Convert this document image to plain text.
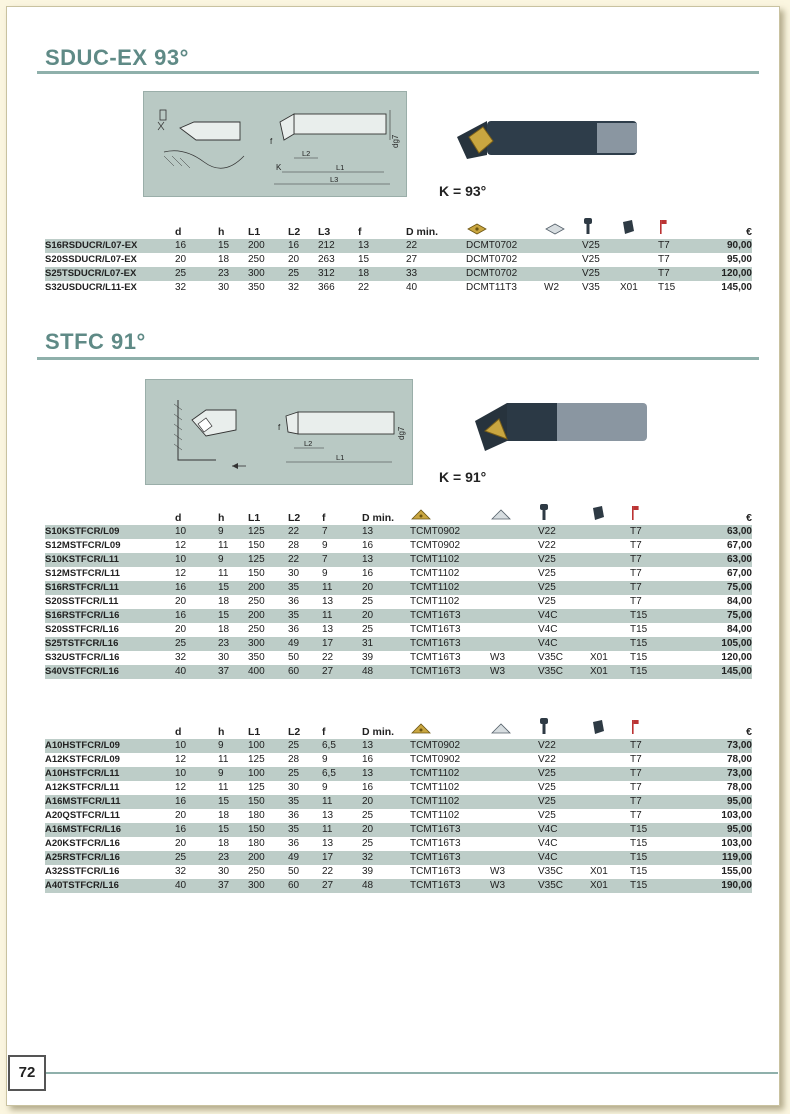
SDUC-EX 93°
dg7
f
K
L2
L1
L3
K = 93°
	d	h	L1	L2	L3	f	D min.						€
S16RSDUCR/L07-EX	16	15	200	16	212	13	22	DCMT0702		V25		T7	90,00
S20SSDUCR/L07-EX	20	18	250	20	263	15	27	DCMT0702		V25		T7	95,00
S25TSDUCR/L07-EX	25	23	300	25	312	18	33	DCMT0702		V25		T7	120,00
S32USDUCR/L11-EX	32	30	350	32	366	22	40	DCMT11T3	W2	V35	X01	T15	145,00
STFC 91°
f	dg7
L2
L1
K = 91°
	d	h	L1	L2	f	D min.						€
S10KSTFCR/L09	10	9	125	22	7	13	TCMT0902		V22		T7	63,00
S12MSTFCR/L09	12	11	150	28	9	16	TCMT0902		V22		T7	67,00
S10KSTFCR/L11	10	9	125	22	7	13	TCMT1102		V25		T7	63,00
S12MSTFCR/L11	12	11	150	30	9	16	TCMT1102		V25		T7	67,00
S16RSTFCR/L11	16	15	200	35	11	20	TCMT1102		V25		T7	75,00
S20SSTFCR/L11	20	18	250	36	13	25	TCMT1102		V25		T7	84,00
S16RSTFCR/L16	16	15	200	35	11	20	TCMT16T3		V4C		T15	75,00
S20SSTFCR/L16	20	18	250	36	13	25	TCMT16T3		V4C		T15	84,00
S25TSTFCR/L16	25	23	300	49	17	31	TCMT16T3		V4C		T15	105,00
S32USTFCR/L16	32	30	350	50	22	39	TCMT16T3	W3	V35C	X01	T15	120,00
S40VSTFCR/L16	40	37	400	60	27	48	TCMT16T3	W3	V35C	X01	T15	145,00
	d	h	L1	L2	f	D min.						€
A10HSTFCR/L09	10	9	100	25	6,5	13	TCMT0902		V22		T7	73,00
A12KSTFCR/L09	12	11	125	28	9	16	TCMT0902		V22		T7	78,00
A10HSTFCR/L11	10	9	100	25	6,5	13	TCMT1102		V25		T7	73,00
A12KSTFCR/L11	12	11	125	30	9	16	TCMT1102		V25		T7	78,00
A16MSTFCR/L11	16	15	150	35	11	20	TCMT1102		V25		T7	95,00
A20QSTFCR/L11	20	18	180	36	13	25	TCMT1102		V25		T7	103,00
A16MSTFCR/L16	16	15	150	35	11	20	TCMT16T3		V4C		T15	95,00
A20KSTFCR/L16	20	18	180	36	13	25	TCMT16T3		V4C		T15	103,00
A25RSTFCR/L16	25	23	200	49	17	32	TCMT16T3		V4C		T15	119,00
A32SSTFCR/L16	32	30	250	50	22	39	TCMT16T3	W3	V35C	X01	T15	155,00
A40TSTFCR/L16	40	37	300	60	27	48	TCMT16T3	W3	V35C	X01	T15	190,00
72
